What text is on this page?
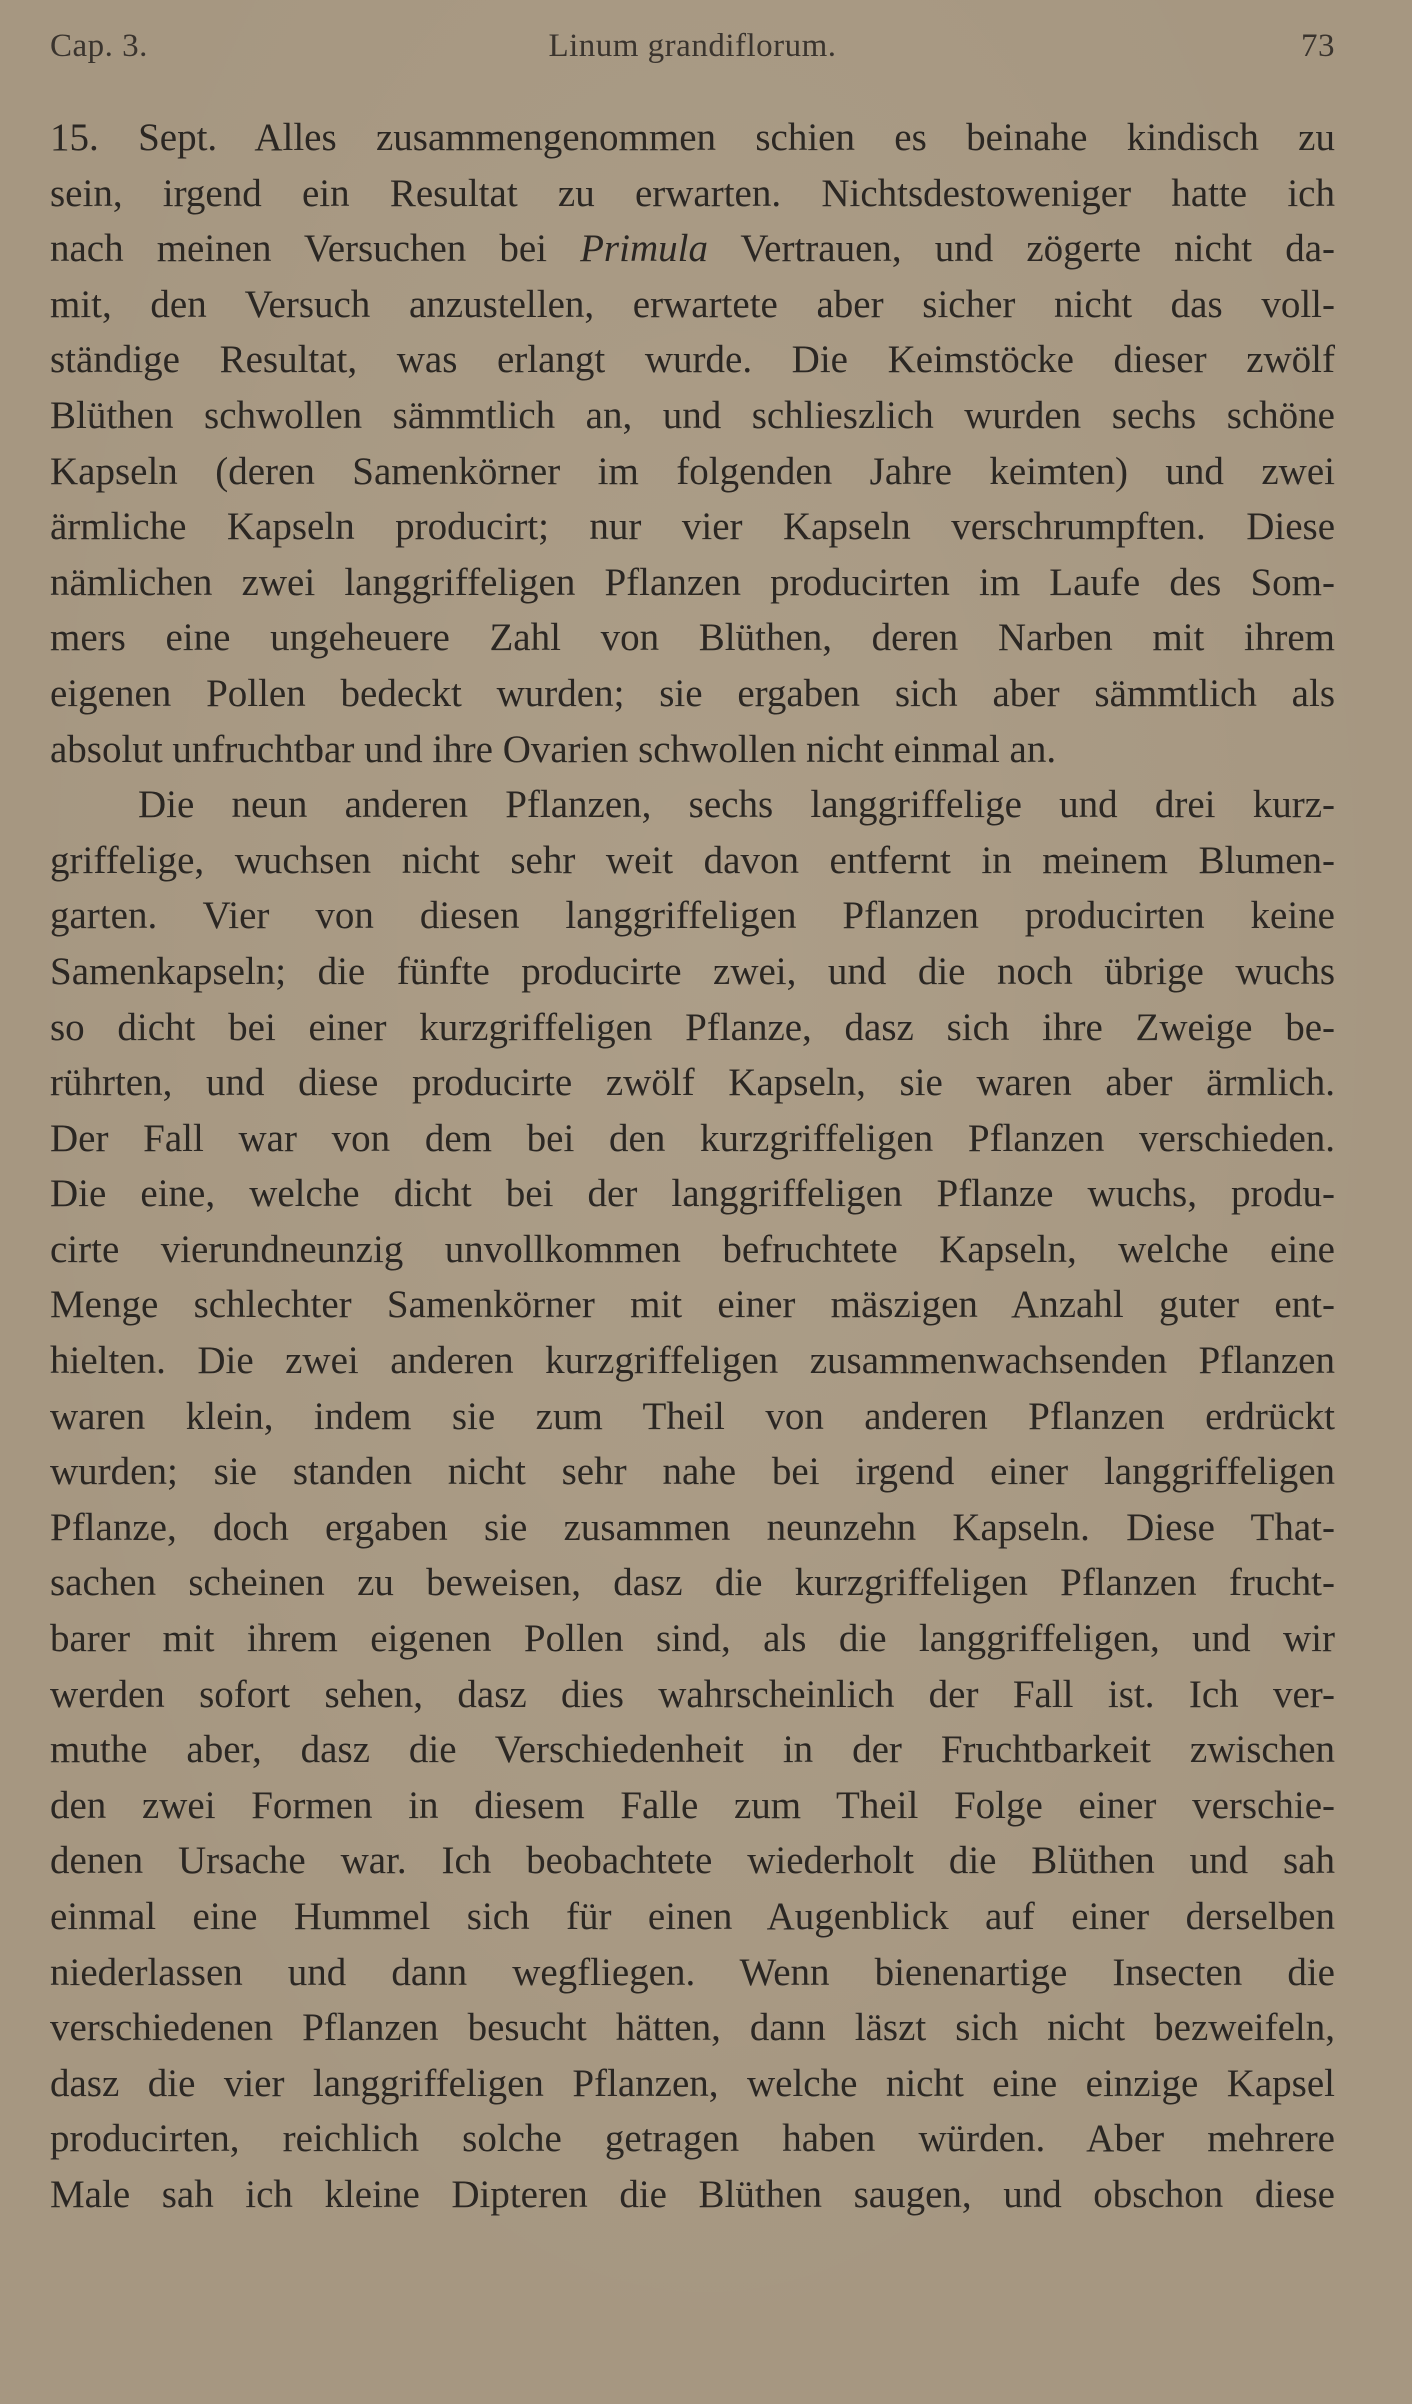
Cap. 3.	Linum grandiflorum.	73
15. Sept. Alles zusammengenommen schien es beinahe kindisch zu
sein, irgend ein Resultat zu erwarten. Nichtsdestoweniger hatte ich
nach meinen Versuchen bei Primula Vertrauen, und zögerte nicht da-
mit, den Versuch anzustellen, erwartete aber sicher nicht das voll-
ständige Resultat, was erlangt wurde. Die Keimstöcke dieser zwölf
Blüthen schwollen sämmtlich an, und schlieszlich wurden sechs schöne
Kapseln (deren Samenkörner im folgenden Jahre keimten) und zwei
ärmliche Kapseln producirt; nur vier Kapseln verschrumpften. Diese
nämlichen zwei langgriffeligen Pflanzen producirten im Laufe des Som-
mers eine ungeheuere Zahl von Blüthen, deren Narben mit ihrem
eigenen Pollen bedeckt wurden; sie ergaben sich aber sämmtlich als
absolut unfruchtbar und ihre Ovarien schwollen nicht einmal an.
Die neun anderen Pflanzen, sechs langgriffelige und drei kurz-
griffelige, wuchsen nicht sehr weit davon entfernt in meinem Blumen-
garten. Vier von diesen langgriffeligen Pflanzen producirten keine
Samenkapseln; die fünfte producirte zwei, und die noch übrige wuchs
so dicht bei einer kurzgriffeligen Pflanze, dasz sich ihre Zweige be-
rührten, und diese producirte zwölf Kapseln, sie waren aber ärmlich.
Der Fall war von dem bei den kurzgriffeligen Pflanzen verschieden.
Die eine, welche dicht bei der langgriffeligen Pflanze wuchs, produ-
cirte vierundneunzig unvollkommen befruchtete Kapseln, welche eine
Menge schlechter Samenkörner mit einer mäszigen Anzahl guter ent-
hielten. Die zwei anderen kurzgriffeligen zusammenwachsenden Pflanzen
waren klein, indem sie zum Theil von anderen Pflanzen erdrückt
wurden; sie standen nicht sehr nahe bei irgend einer langgriffeligen
Pflanze, doch ergaben sie zusammen neunzehn Kapseln. Diese That-
sachen scheinen zu beweisen, dasz die kurzgriffeligen Pflanzen frucht-
barer mit ihrem eigenen Pollen sind, als die langgriffeligen, und wir
werden sofort sehen, dasz dies wahrscheinlich der Fall ist. Ich ver-
muthe aber, dasz die Verschiedenheit in der Fruchtbarkeit zwischen
den zwei Formen in diesem Falle zum Theil Folge einer verschie-
denen Ursache war. Ich beobachtete wiederholt die Blüthen und sah
einmal eine Hummel sich für einen Augenblick auf einer derselben
niederlassen und dann wegfliegen. Wenn bienenartige Insecten die
verschiedenen Pflanzen besucht hätten, dann läszt sich nicht bezweifeln,
dasz die vier langgriffeligen Pflanzen, welche nicht eine einzige Kapsel
producirten, reichlich solche getragen haben würden. Aber mehrere
Male sah ich kleine Dipteren die Blüthen saugen, und obschon diese
